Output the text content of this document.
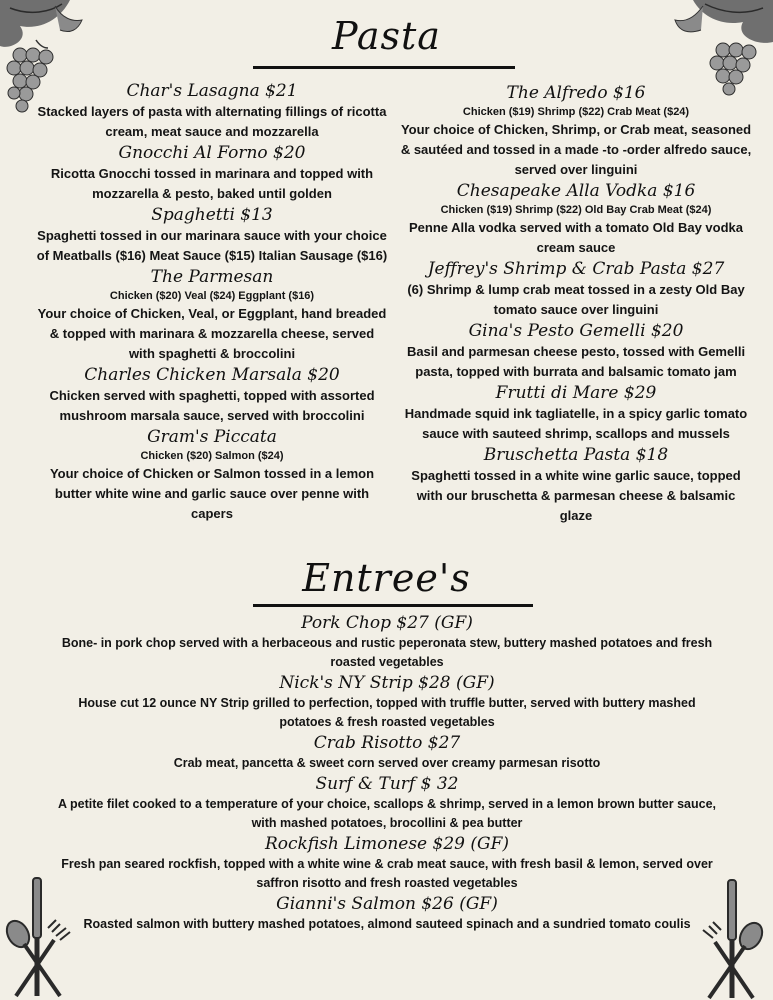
Pasta
Char's Lasagna $21
Stacked layers of pasta with alternating fillings of ricotta cream, meat sauce and mozzarella
Gnocchi Al Forno $20
Ricotta Gnocchi tossed in marinara and topped with mozzarella & pesto, baked until golden
Spaghetti $13
Spaghetti tossed in our marinara sauce with your choice of Meatballs ($16) Meat Sauce ($15) Italian Sausage ($16)
The Parmesan
Chicken ($20) Veal ($24) Eggplant ($16)
Your choice of Chicken, Veal, or Eggplant, hand breaded & topped with marinara & mozzarella cheese, served with spaghetti & broccolini
Charles Chicken Marsala $20
Chicken served with spaghetti, topped with assorted mushroom marsala sauce, served with broccolini
Gram's Piccata
Chicken ($20) Salmon ($24)
Your choice of Chicken or Salmon tossed in a lemon butter white wine and garlic sauce over penne with capers
The Alfredo $16
Chicken ($19) Shrimp ($22) Crab Meat ($24)
Your choice of Chicken, Shrimp, or Crab meat, seasoned & sautéed and tossed in a made -to -order alfredo sauce, served over linguini
Chesapeake Alla Vodka $16
Chicken ($19) Shrimp ($22) Old Bay Crab Meat ($24)
Penne Alla vodka served with a tomato Old Bay vodka cream sauce
Jeffrey's Shrimp & Crab Pasta $27
(6) Shrimp & lump crab meat tossed in a zesty Old Bay tomato sauce over linguini
Gina's Pesto Gemelli $20
Basil and parmesan cheese pesto, tossed with Gemelli pasta, topped with burrata and balsamic tomato jam
Frutti di Mare $29
Handmade squid ink tagliatelle, in a spicy garlic tomato sauce with sauteed shrimp, scallops and mussels
Bruschetta Pasta $18
Spaghetti tossed in a white wine garlic sauce, topped with our bruschetta & parmesan cheese & balsamic glaze
Entree's
Pork Chop $27 (GF)
Bone- in pork chop served with a herbaceous and rustic peperonata stew, buttery mashed potatoes and fresh roasted vegetables
Nick's NY Strip $28 (GF)
House cut 12 ounce NY Strip grilled to perfection, topped with truffle butter, served with buttery mashed potatoes & fresh roasted vegetables
Crab Risotto $27
Crab meat, pancetta & sweet corn served over creamy parmesan risotto
Surf & Turf $ 32
A petite filet cooked to a temperature of your choice, scallops & shrimp, served in a lemon brown butter sauce, with mashed potatoes, brocollini & pea butter
Rockfish Limonese $29 (GF)
Fresh pan seared rockfish, topped with a white wine & crab meat sauce, with fresh basil & lemon, served over saffron risotto and fresh roasted vegetables
Gianni's Salmon $26 (GF)
Roasted salmon with buttery mashed potatoes, almond sauteed spinach and a sundried tomato coulis
